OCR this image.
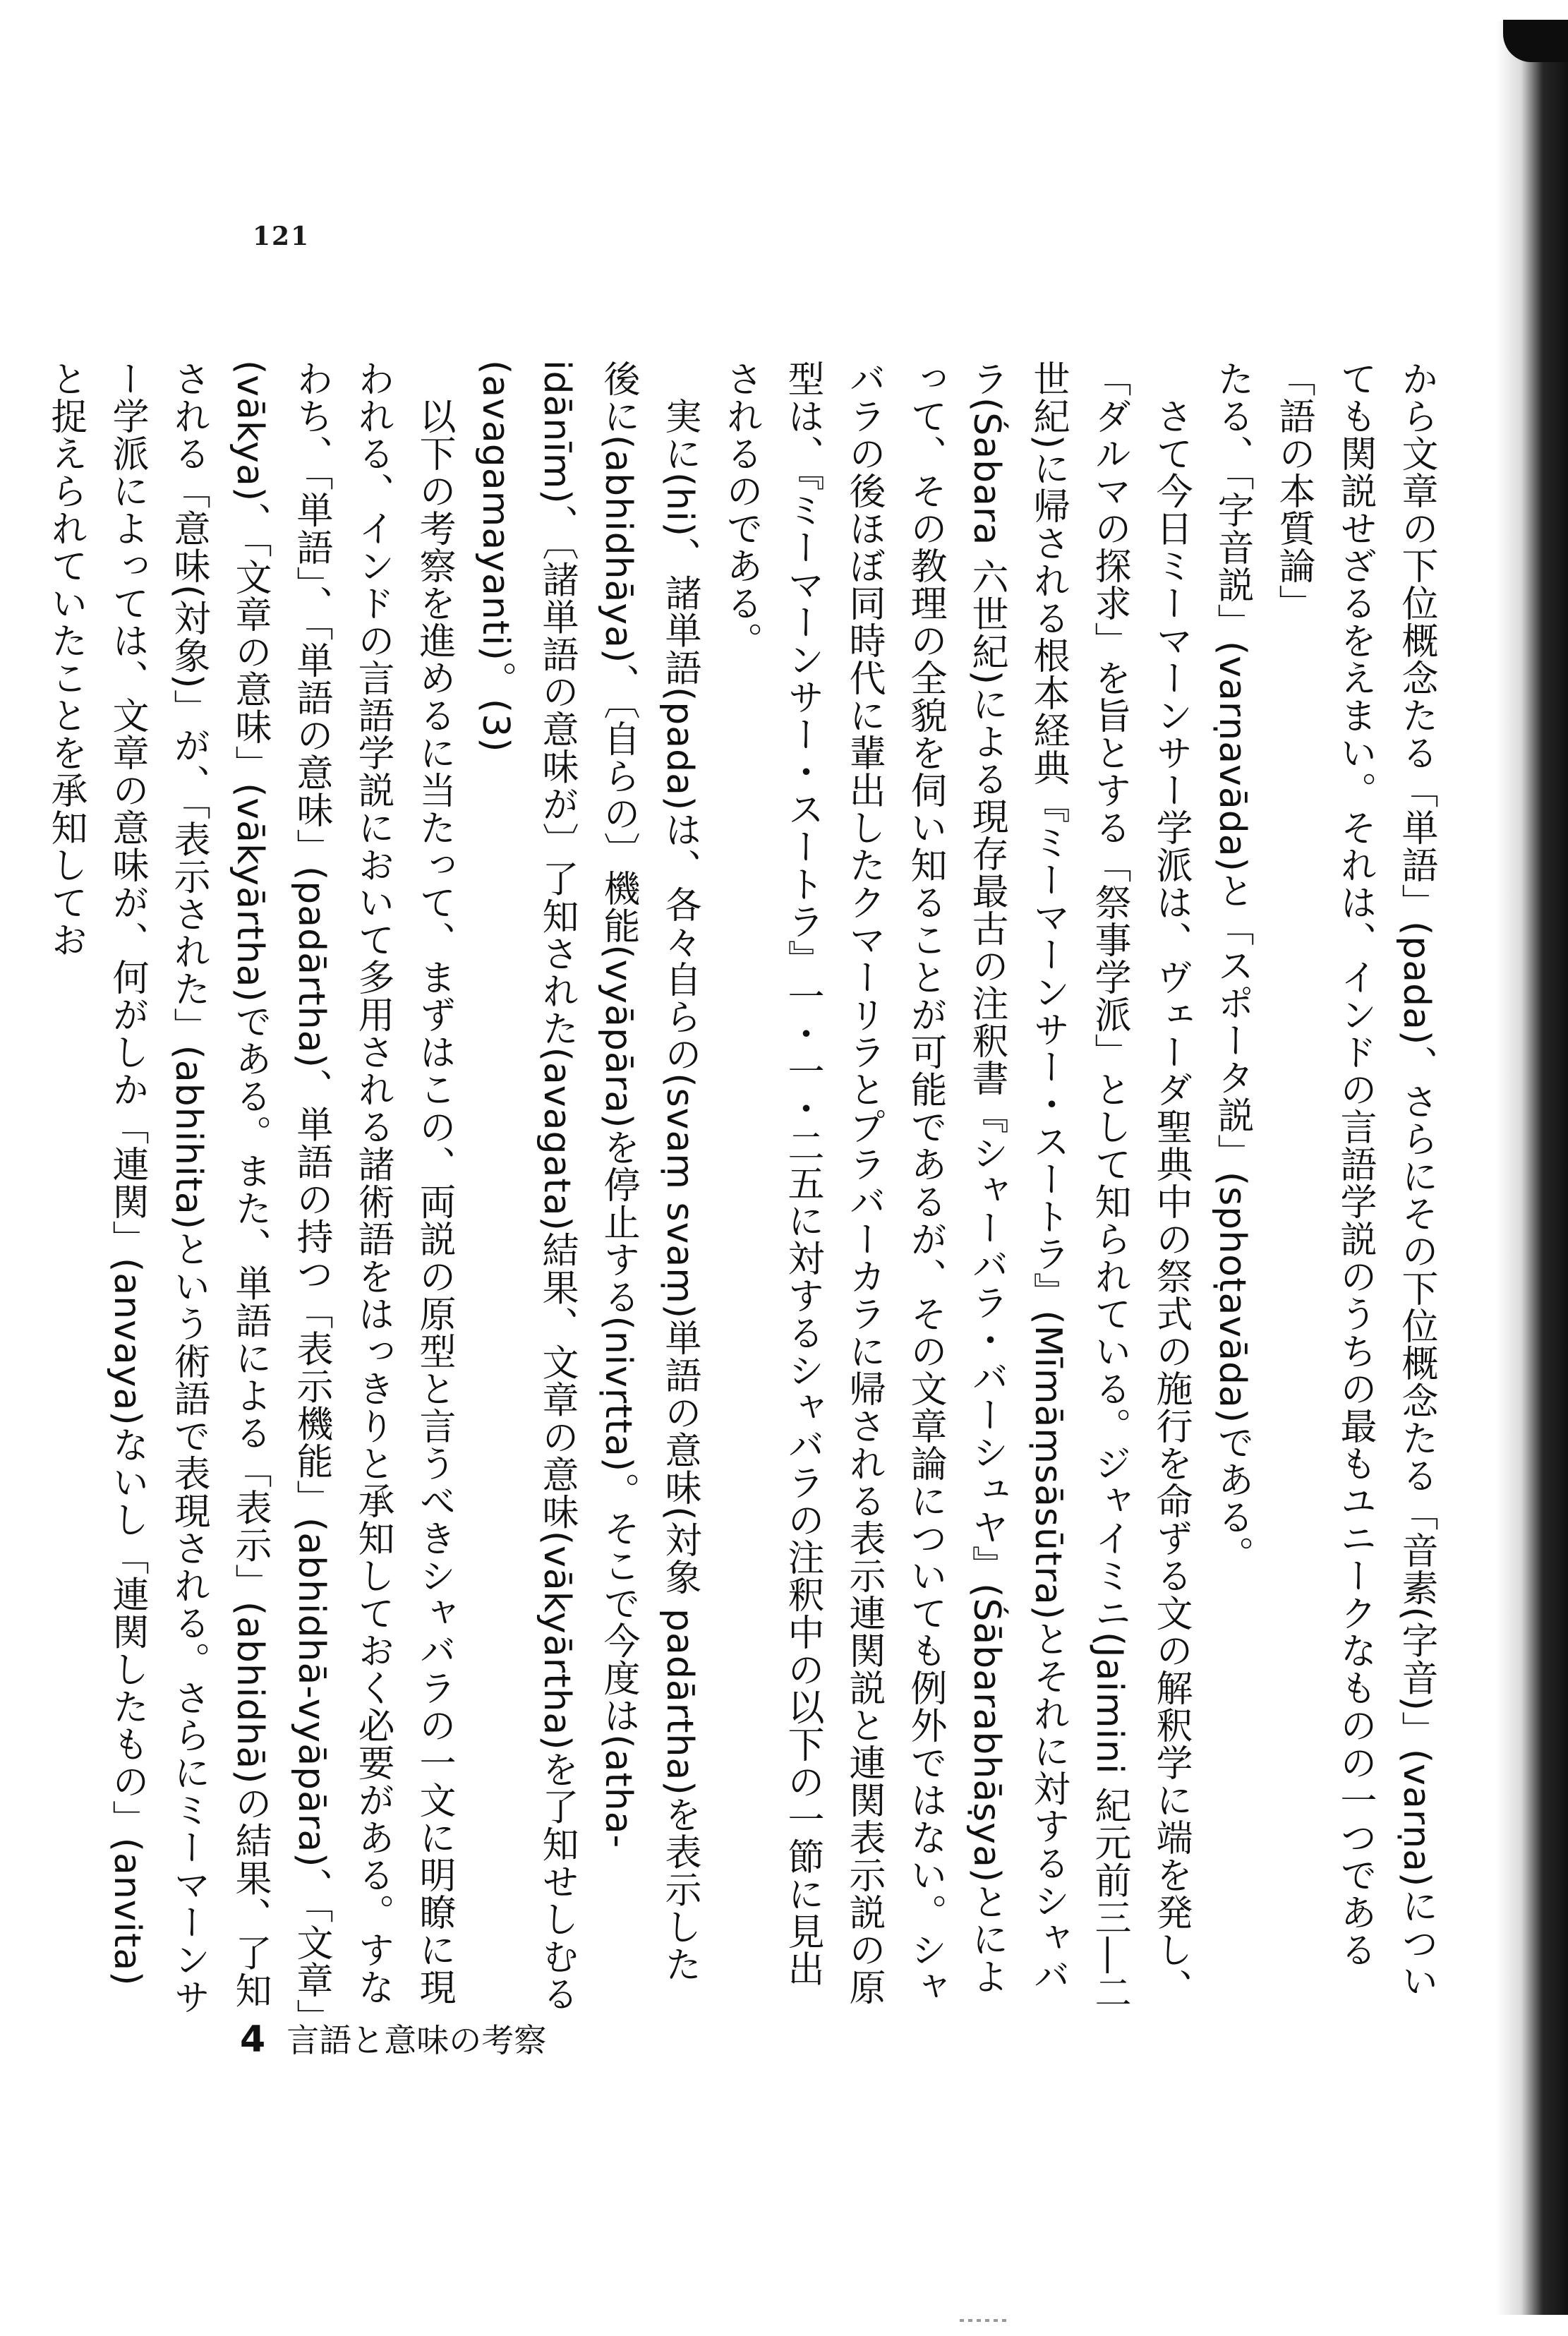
121

から文章の下位概念たる「単語」(pada)、さらにその下位概念たる「音素(字音)」(varṇa)についても関説せざるをえまい。それは、インドの言語学説のうちの最もユニークなものの一つである「語の本質論」

たる、「字音説」(varṇavāda)と「スポータ説」(sphoṭavāda)である。

　さて今日ミーマーンサー学派は、ヴェーダ聖典中の祭式の施行を命ずる文の解釈学に端を発し、「ダルマの探求」を旨とする「祭事学派」として知られている。ジャイミニ(Jaimini 紀元前三―二世紀)に帰される根本経典『ミーマーンサー・スートラ』(Mīmāṃsāsūtra)とそれに対するシャバラ(Śabara 六世紀)による現存最古の注釈書『シャーバラ・バーシュヤ』(Śābarabhāṣya)とによって、その教理の全貌を伺い知ることが可能であるが、その文章論についても例外ではない。シャバラの後ほぼ同時代に輩出したクマーリラとプラバーカラに帰される表示連関説と連関表示説の原型は、『ミーマーンサー・スートラ』一・一・二五に対するシャバラの注釈中の以下の一節に見出されるのである。

　実に(hi)、諸単語(pada)は、各々自らの(svaṃ svaṃ)単語の意味(対象 padārtha)を表示した後に(abhidhāya)、〔自らの〕機能(vyāpāra)を停止する(nivṛtta)。そこで今度は(atha-idānīm)、〔諸単語の意味が〕了知された(avagata)結果、文章の意味(vākyārtha)を了知せしむる(avagamayanti)。(3)

　以下の考察を進めるに当たって、まずはこの、両説の原型と言うべきシャバラの一文に明瞭に現われる、インドの言語学説において多用される諸術語をはっきりと承知しておく必要がある。すなわち、「単語」、「単語の意味」(padārtha)、単語の持つ「表示機能」(abhidhā-vyāpāra)、「文章」(vākya)、「文章の意味」(vākyārtha)である。また、単語による「表示」(abhidhā)の結果、了知される「意味(対象)」が、「表示された」(abhihita)という術語で表現される。さらにミーマーンサー学派によっては、文章の意味が、何がしか「連関」(anvaya)ないし「連関したもの」(anvita)と捉えられていたことを承知してお

4 言語と意味の考察
